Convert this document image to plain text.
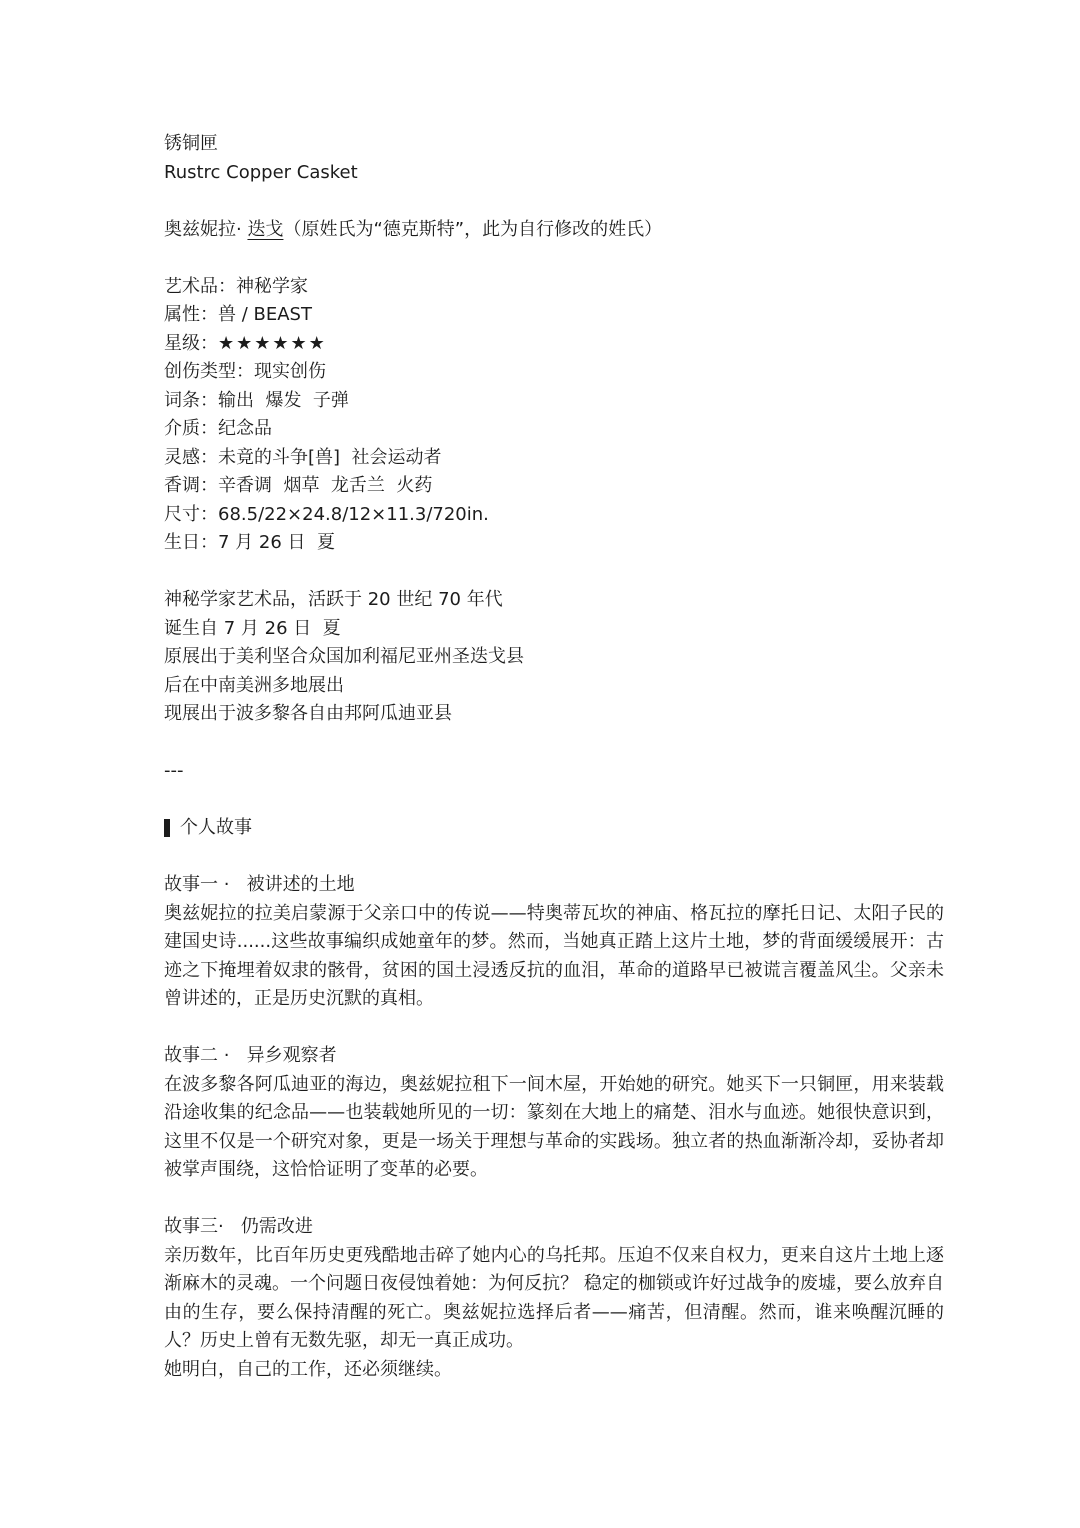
锈铜匣
Rustrc Copper Casket
奥兹妮拉· 迭戈（原姓氏为“德克斯特”，此为自行修改的姓氏）
艺术品：神秘学家
属性：兽 / BEAST
星级：★★★★★★
创伤类型：现实创伤
词条：输出  爆发  子弹
介质：纪念品
灵感：未竟的斗争[兽]  社会运动者
香调：辛香调  烟草  龙舌兰  火药
尺寸：68.5/22×24.8/12×11.3/720in.
生日：7 月 26 日  夏
神秘学家艺术品，活跃于 20 世纪 70 年代
诞生自 7 月 26 日  夏
原展出于美利坚合众国加利福尼亚州圣迭戈县
后在中南美洲多地展出
现展出于波多黎各自由邦阿瓜迪亚县
---
个人故事
故事一 ·   被讲述的土地
奥兹妮拉的拉美启蒙源于父亲口中的传说——特奥蒂瓦坎的神庙、格瓦拉的摩托日记、太阳子民的建国史诗......这些故事编织成她童年的梦。然而，当她真正踏上这片土地，梦的背面缓缓展开：古迹之下掩埋着奴隶的骸骨，贫困的国土浸透反抗的血泪，革命的道路早已被谎言覆盖风尘。父亲未曾讲述的，正是历史沉默的真相。
故事二 ·   异乡观察者
在波多黎各阿瓜迪亚的海边，奥兹妮拉租下一间木屋，开始她的研究。她买下一只铜匣，用来装载沿途收集的纪念品——也装载她所见的一切：篆刻在大地上的痛楚、泪水与血迹。她很快意识到，这里不仅是一个研究对象，更是一场关于理想与革命的实践场。独立者的热血渐渐冷却，妥协者却被掌声围绕，这恰恰证明了变革的必要。
故事三·   仍需改进
亲历数年，比百年历史更残酷地击碎了她内心的乌托邦。压迫不仅来自权力，更来自这片土地上逐渐麻木的灵魂。一个问题日夜侵蚀着她：为何反抗？ 稳定的枷锁或许好过战争的废墟，要么放弃自由的生存，要么保持清醒的死亡。奥兹妮拉选择后者——痛苦，但清醒。然而，谁来唤醒沉睡的人？历史上曾有无数先驱，却无一真正成功。
她明白，自己的工作，还必须继续。
